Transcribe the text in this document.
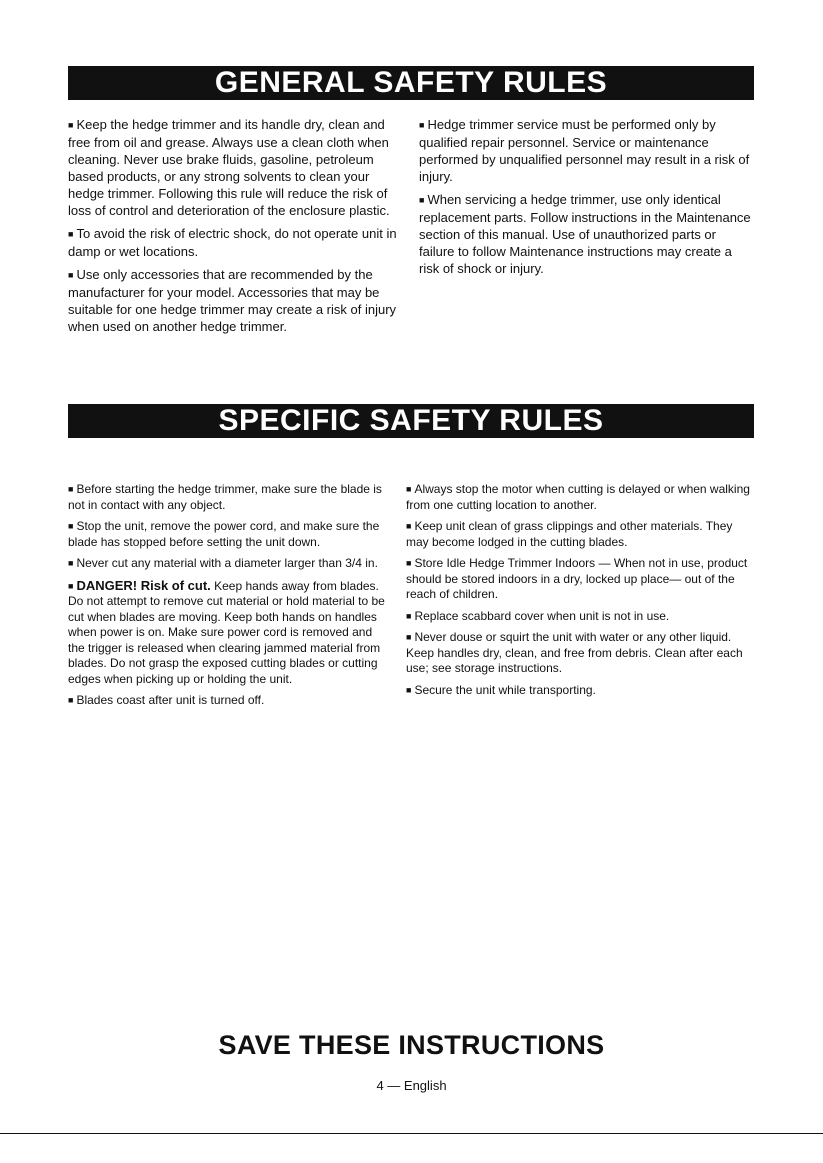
GENERAL SAFETY RULES

■ Keep the hedge trimmer and its handle dry, clean and free from oil and grease. Always use a clean cloth when cleaning. Never use brake fluids, gasoline, petroleum based products, or any strong solvents to clean your hedge trimmer. Following this rule will reduce the risk of loss of control and deterioration of the enclosure plastic.

■ To avoid the risk of electric shock, do not operate unit in damp or wet locations.

■ Use only accessories that are recommended by the manufacturer for your model. Accessories that may be suitable for one hedge trimmer may create a risk of injury when used on another hedge trimmer.

■ Hedge trimmer service must be performed only by qualified repair personnel. Service or maintenance performed by unqualified personnel may result in a risk of injury.

■ When servicing a hedge trimmer, use only identical replacement parts. Follow instructions in the Maintenance section of this manual. Use of unauthorized parts or failure to follow Maintenance instructions may create a risk of shock or injury.

SPECIFIC SAFETY RULES

■ Before starting the hedge trimmer, make sure the blade is not in contact with any object.

■ Stop the unit, remove the power cord, and make sure the blade has stopped before setting the unit down.

■ Never cut any material with a diameter larger than 3/4 in.

■ DANGER! Risk of cut. Keep hands away from blades. Do not attempt to remove cut material or hold material to be cut when blades are moving. Keep both hands on handles when power is on. Make sure power cord is removed and the trigger is released when clearing jammed material from blades. Do not grasp the exposed cutting blades or cutting edges when picking up or holding the unit.

■ Blades coast after unit is turned off.

■ Always stop the motor when cutting is delayed or when walking from one cutting location to another.

■ Keep unit clean of grass clippings and other materials. They may become lodged in the cutting blades.

■ Store Idle Hedge Trimmer Indoors — When not in use, product should be stored indoors in a dry, locked up place— out of the reach of children.

■ Replace scabbard cover when unit is not in use.

■ Never douse or squirt the unit with water or any other liquid. Keep handles dry, clean, and free from debris. Clean after each use; see storage instructions.

■ Secure the unit while transporting.

SAVE THESE INSTRUCTIONS
4 — English
